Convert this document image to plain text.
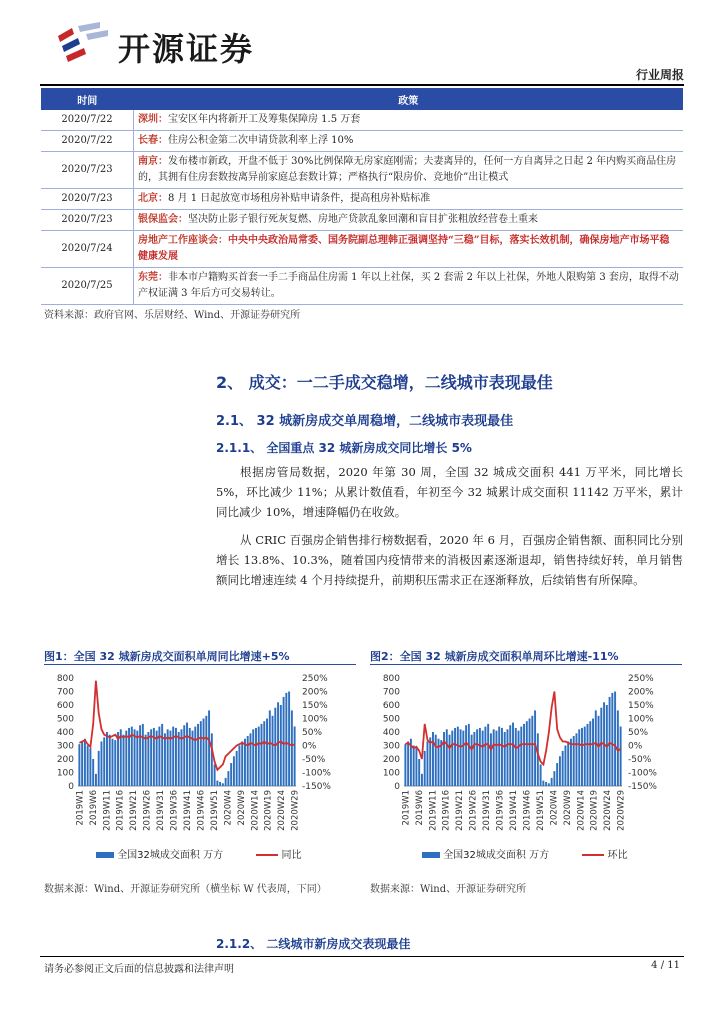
开源证券
行业周报
时间	政策
2020/7/22	深圳：宝安区年内将新开工及筹集保障房 1.5 万套
2020/7/22	长春：住房公积金第二次申请贷款利率上浮 10%
2020/7/23	南京：发布楼市新政，开盘不低于 30%比例保障无房家庭刚需；夫妻离异的，任何一方自离异之日起 2 年内购买商品住房的，其拥有住房套数按离异前家庭总套数计算；严格执行“限房价、竞地价”出让模式
2020/7/23	北京：8 月 1 日起放宽市场租房补贴申请条件，提高租房补贴标准
2020/7/23	银保监会：坚决防止影子银行死灰复燃、房地产贷款乱象回潮和盲目扩张粗放经营卷土重来
2020/7/24	房地产工作座谈会：中央中央政治局常委、国务院副总理韩正强调坚持“三稳”目标，落实长效机制，确保房地产市场平稳健康发展
2020/7/25	东莞：非本市户籍购买首套一手二手商品住房需 1 年以上社保，买 2 套需 2 年以上社保，外地人限购第 3 套房，取得不动产权证满 3 年后方可交易转让。
资料来源：政府官网、乐居财经、Wind、开源证券研究所
2、 成交：一二手成交稳增，二线城市表现最佳
2.1、 32 城新房成交单周稳增，二线城市表现最佳
2.1.1、 全国重点 32 城新房成交同比增长 5%
根据房管局数据，2020 年第 30 周，全国 32 城成交面积 441 万平米，同比增长 5%，环比减少 11%；从累计数值看，年初至今 32 城累计成交面积 11142 万平米，累计同比减少 10%，增速降幅仍在收敛。
从 CRIC 百强房企销售排行榜数据看，2020 年 6 月，百强房企销售额、面积同比分别增长 13.8%、10.3%，随着国内疫情带来的消极因素逐渐退却，销售持续好转，单月销售额同比增速连续 4 个月持续提升，前期积压需求正在逐渐释放，后续销售有所保障。
图1：全国 32 城新房成交面积单周同比增速+5%
800
700
600
500
400
300
200
100
0
250%
200%
150%
100%
50%
0%
-50%
-100%
-150%
2019W1 2019W6 2019W11 2019W16 2019W21 2019W26 2019W31 2019W36 2019W41 2019W46 2019W51 2020W4 2020W9 2020W14 2020W19 2020W24 2020W29
数据来源：Wind、开源证券研究所（横坐标 W 代表周，下同）
图2：全国 32 城新房成交面积单周环比增速-11%
800
700
600
500
400
300
200
100
0
250%
200%
150%
100%
50%
0%
-50%
-100%
-150%
2019W1 2019W6 2019W11 2019W16 2019W21 2019W26 2019W31 2019W36 2019W41 2019W46 2019W51 2020W4 2020W9 2020W14 2020W19 2020W24 2020W29
数据来源：Wind、开源证券研究所
全国32城成交面积 万方	同比	全国32城成交面积 万方	环比
2.1.2、 二线城市新房成交表现最佳
请务必参阅正文后面的信息披露和法律声明	4 / 11
